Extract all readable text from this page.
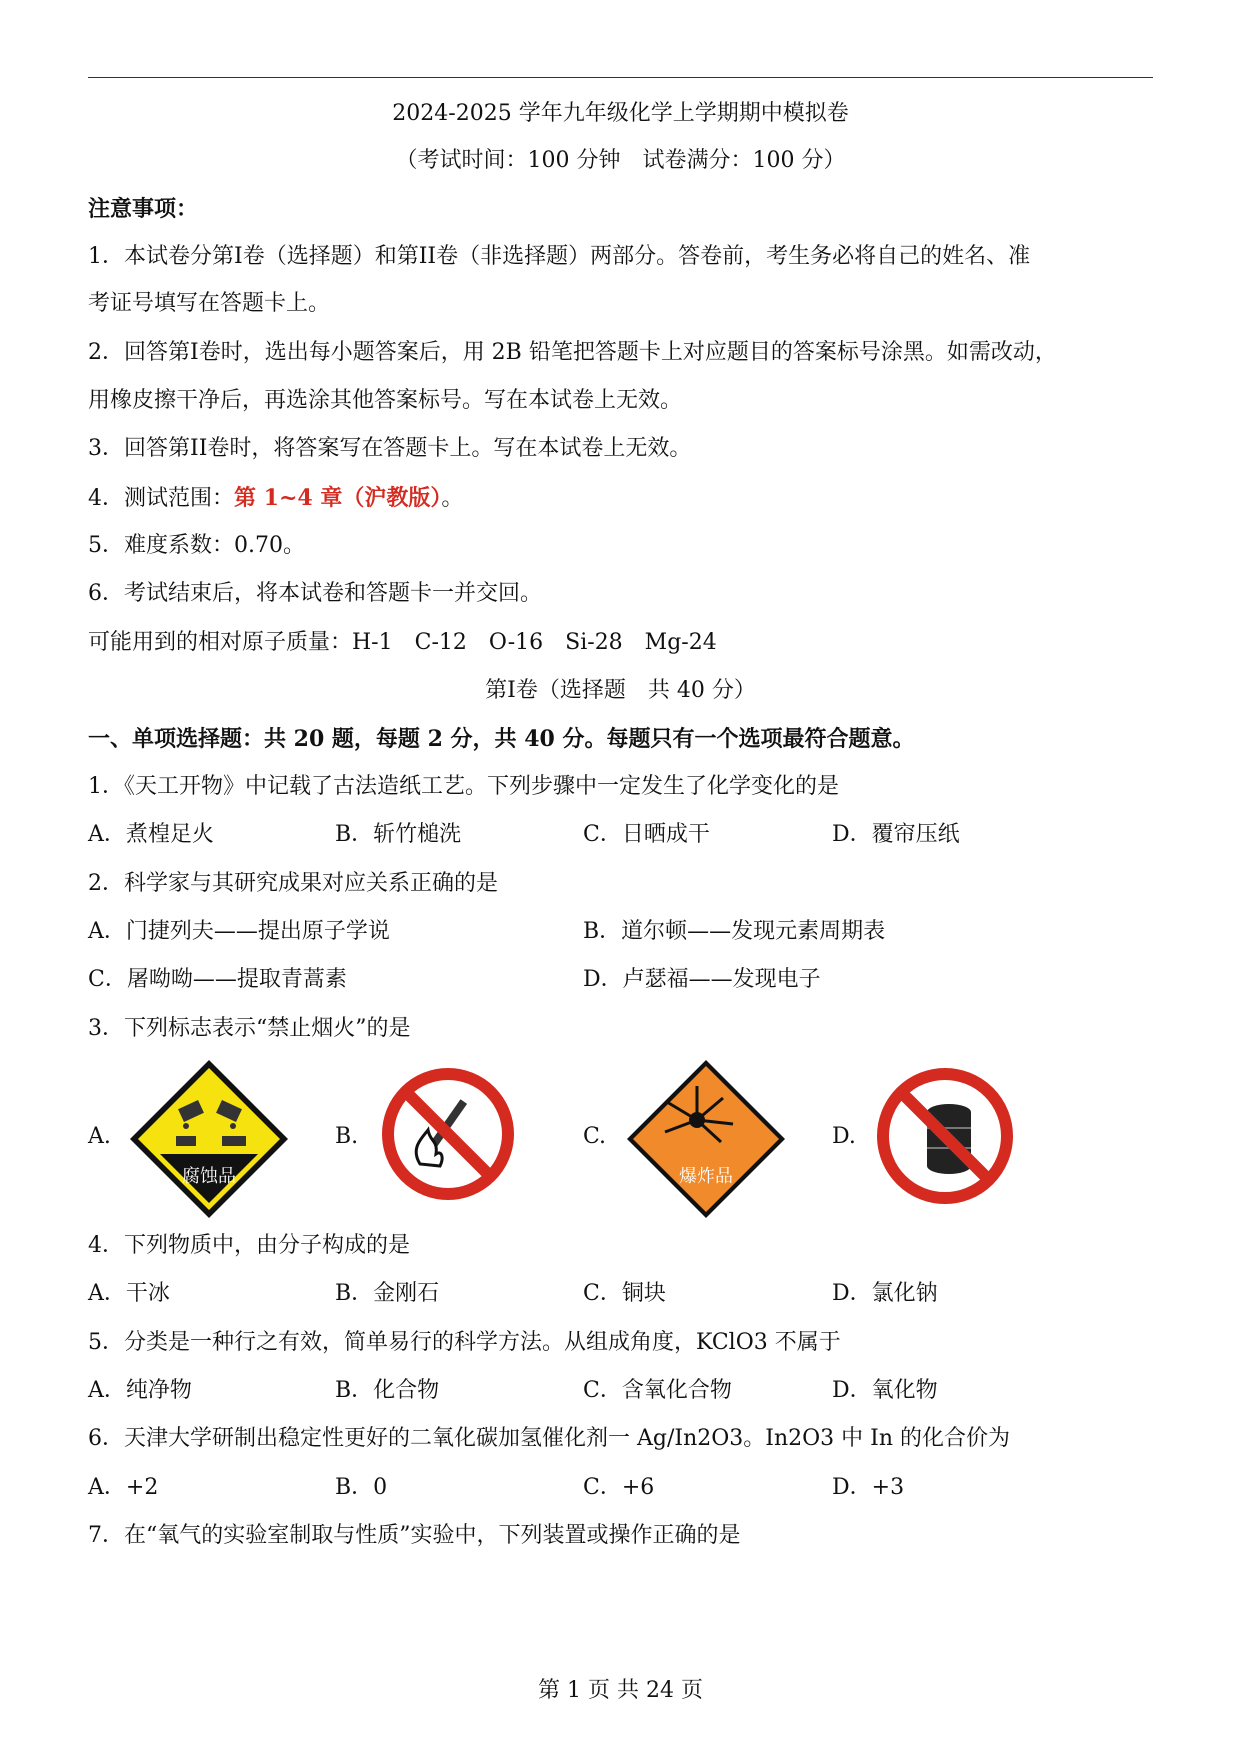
2024-2025 学年九年级化学上学期期中模拟卷
（考试时间：100 分钟　试卷满分：100 分）
注意事项：
1．本试卷分第I卷（选择题）和第II卷（非选择题）两部分。答卷前，考生务必将自己的姓名、准
考证号填写在答题卡上。
2．回答第I卷时，选出每小题答案后，用 2B 铅笔把答题卡上对应题目的答案标号涂黑。如需改动，
用橡皮擦干净后，再选涂其他答案标号。写在本试卷上无效。
3．回答第II卷时，将答案写在答题卡上。写在本试卷上无效。
4．测试范围：第 1~4 章（沪教版）。
5．难度系数：0.70。
6．考试结束后，将本试卷和答题卡一并交回。
可能用到的相对原子质量：H-1　C-12　O-16　Si-28　Mg-24
第I卷（选择题　共 40 分）
一、单项选择题：共 20 题，每题 2 分，共 40 分。每题只有一个选项最符合题意。
1．《天工开物》中记载了古法造纸工艺。下列步骤中一定发生了化学变化的是
A．煮楻足火	B．斩竹槌洗	C．日晒成干	D．覆帘压纸
2．科学家与其研究成果对应关系正确的是
A．门捷列夫——提出原子学说	B．道尔顿——发现元素周期表
C．屠呦呦——提取青蒿素	D．卢瑟福——发现电子
3．下列标志表示“禁止烟火”的是
A.	B.	C.	D.
腐蚀品	爆炸品
4．下列物质中，由分子构成的是
A．干冰	B．金刚石	C．铜块	D．氯化钠
5．分类是一种行之有效，简单易行的科学方法。从组成角度，KClO3 不属于
A．纯净物	B．化合物	C．含氧化合物	D．氧化物
6．天津大学研制出稳定性更好的二氧化碳加氢催化剂一 Ag/In2O3。In2O3 中 In 的化合价为
A．+2	B．0	C．+6	D．+3
7．在“氧气的实验室制取与性质”实验中，下列装置或操作正确的是
第 1 页 共 24 页
